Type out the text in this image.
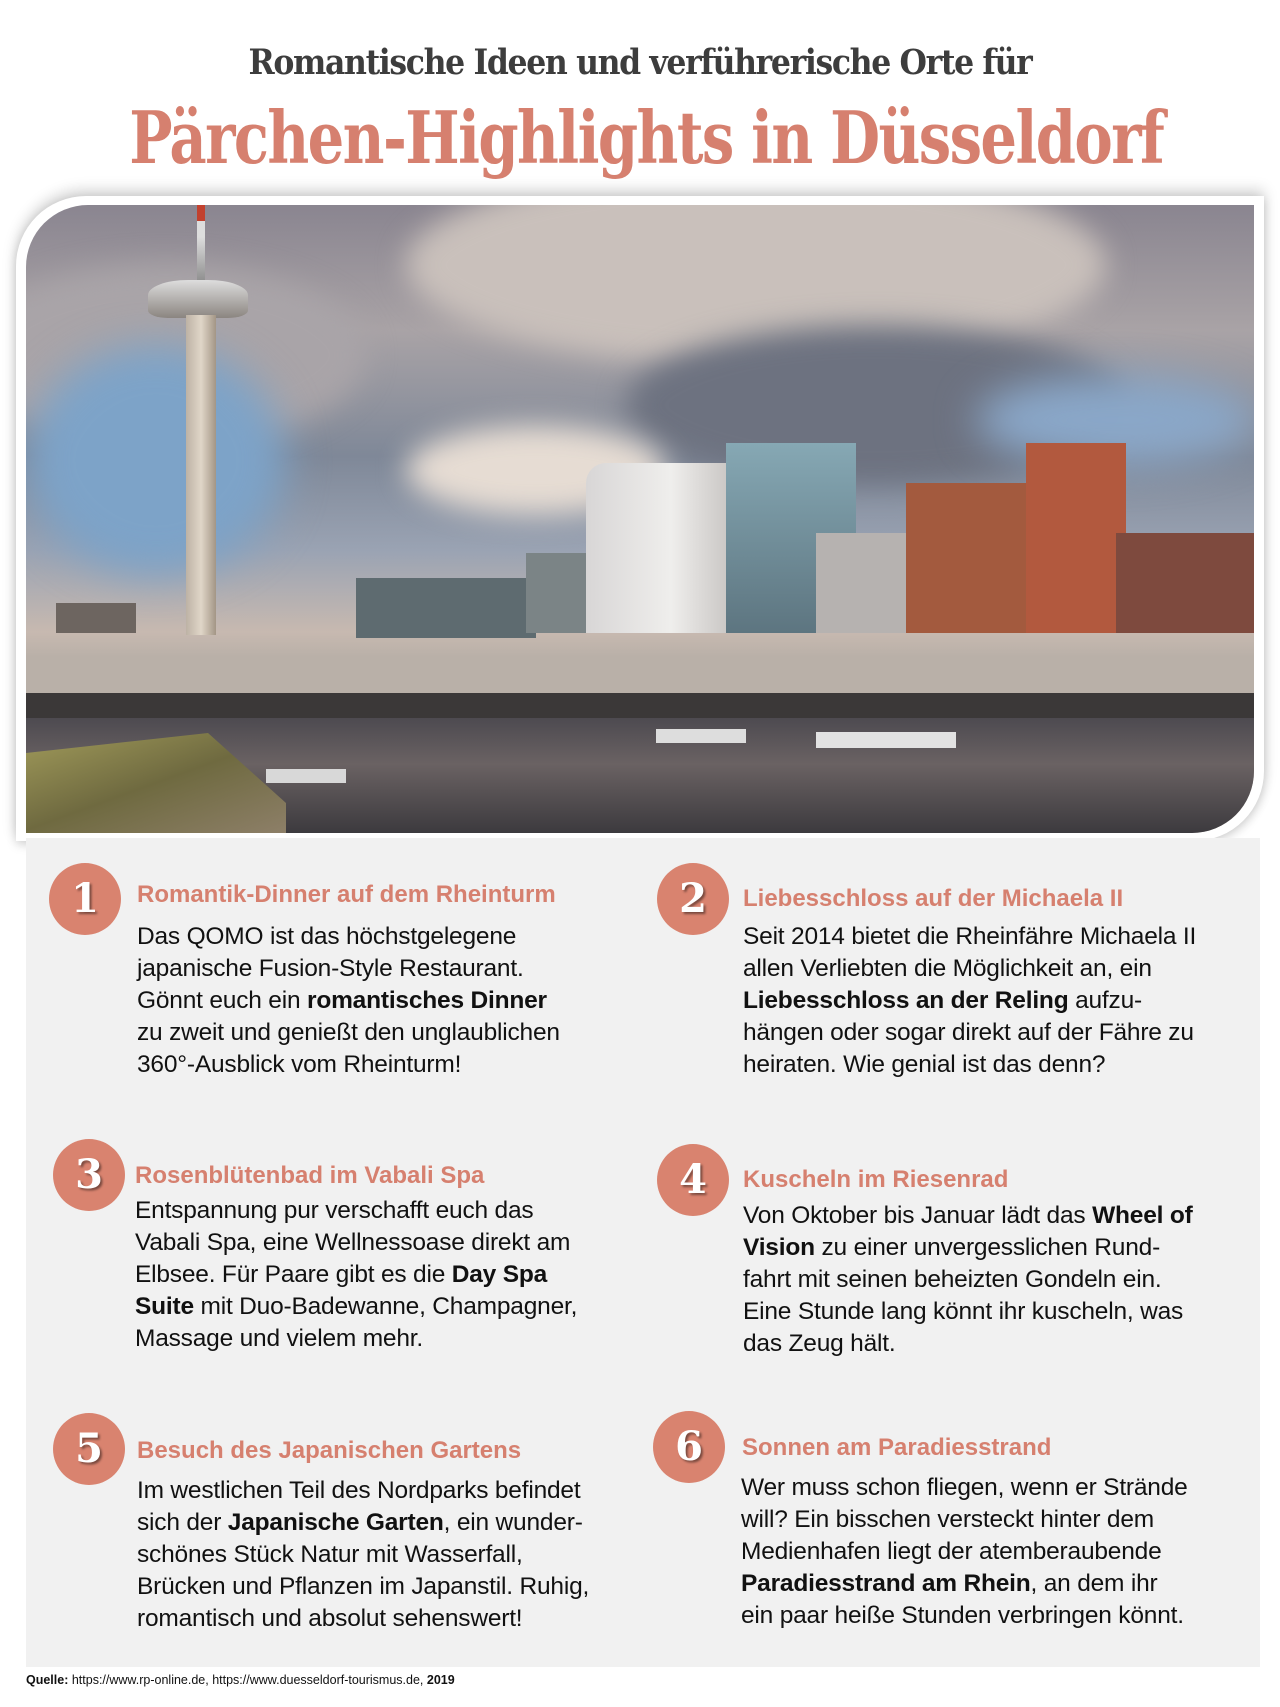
Romantische Ideen und verführerische Orte für
Pärchen-Highlights in Düsseldorf
1	Romantik-Dinner auf dem Rheinturm
Das QOMO ist das höchstgelegene
japanische Fusion-Style Restaurant.
Gönnt euch ein romantisches Dinner
zu zweit und genießt den unglaublichen
360°-Ausblick vom Rheinturm!
2	Liebesschloss auf der Michaela II
Seit 2014 bietet die Rheinfähre Michaela II
allen Verliebten die Möglichkeit an, ein
Liebesschloss an der Reling aufzu-
hängen oder sogar direkt auf der Fähre zu
heiraten. Wie genial ist das denn?
3	Rosenblütenbad im Vabali Spa
Entspannung pur verschafft euch das
Vabali Spa, eine Wellnessoase direkt am
Elbsee. Für Paare gibt es die Day Spa
Suite mit Duo-Badewanne, Champagner,
Massage und vielem mehr.
4	Kuscheln im Riesenrad
Von Oktober bis Januar lädt das Wheel of
Vision zu einer unvergesslichen Rund-
fahrt mit seinen beheizten Gondeln ein.
Eine Stunde lang könnt ihr kuscheln, was
das Zeug hält.
5	Besuch des Japanischen Gartens
Im westlichen Teil des Nordparks befindet
sich der Japanische Garten, ein wunder-
schönes Stück Natur mit Wasserfall,
Brücken und Pflanzen im Japanstil. Ruhig,
romantisch und absolut sehenswert!
6	Sonnen am Paradiesstrand
Wer muss schon fliegen, wenn er Strände
will? Ein bisschen versteckt hinter dem
Medienhafen liegt der atemberaubende
Paradiesstrand am Rhein, an dem ihr
ein paar heiße Stunden verbringen könnt.
Quelle: https://www.rp-online.de, https://www.duesseldorf-tourismus.de, 2019
